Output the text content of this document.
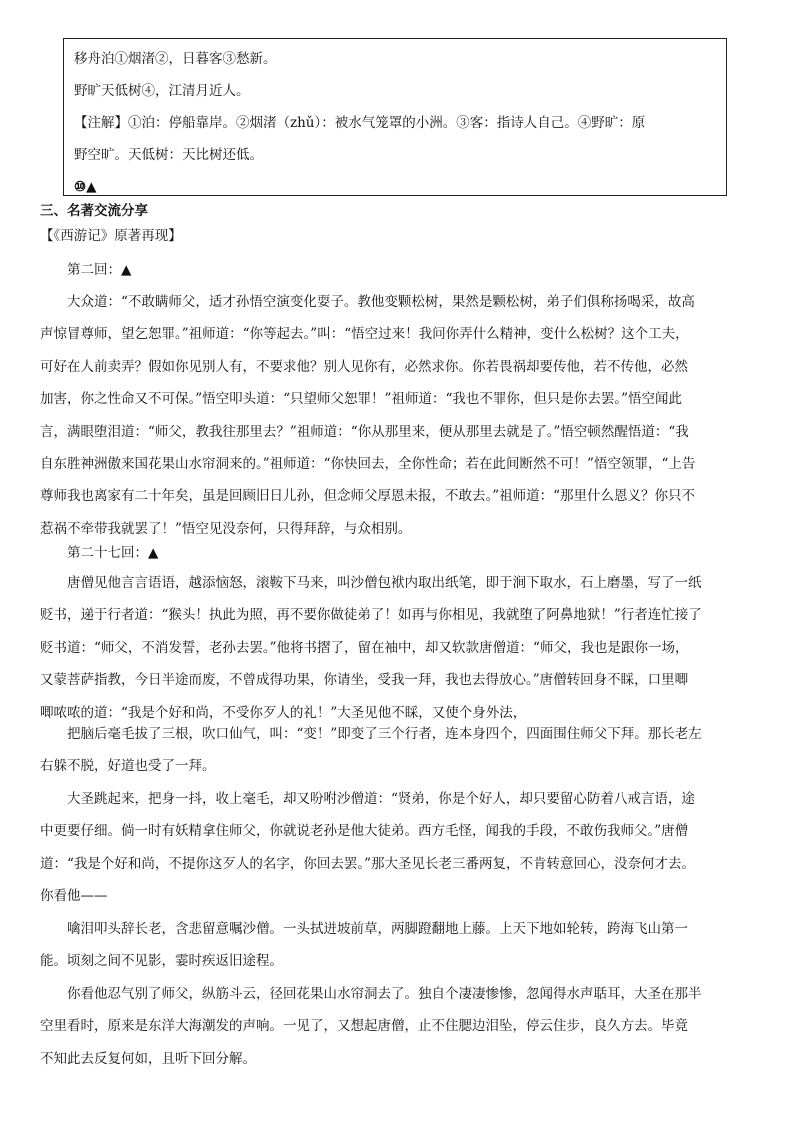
移舟泊①烟渚②，日暮客③愁新。
野旷天低树④，江清月近人。
【注解】①泊：停船靠岸。②烟渚（zhǔ）：被水气笼罩的小洲。③客：指诗人自己。④野旷：原
野空旷。天低树：天比树还低。
⑩▲
三、名著交流分享
【《西游记》原著再现】
第二回：▲
大众道：“不敢瞒师父，适才孙悟空演变化耍子。教他变颗松树，果然是颗松树，弟子们俱称扬喝采，故高
声惊冒尊师，望乞恕罪。”祖师道：“你等起去。”叫：“悟空过来！我问你弄什么精神，变什么松树？这个工夫，
可好在人前卖弄？假如你见别人有，不要求他？别人见你有，必然求你。你若畏祸却要传他，若不传他，必然
加害，你之性命又不可保。”悟空叩头道：“只望师父恕罪！”祖师道：“我也不罪你，但只是你去罢。”悟空闻此
言，满眼堕泪道：“师父，教我往那里去？”祖师道：“你从那里来，便从那里去就是了。”悟空顿然醒悟道：“我
自东胜神洲傲来国花果山水帘洞来的。”祖师道：“你快回去，全你性命；若在此间断然不可！”悟空领罪，“上告
尊师我也离家有二十年矣，虽是回顾旧日儿孙，但念师父厚恩未报，不敢去。”祖师道：“那里什么恩义？你只不
惹祸不牵带我就罢了！”悟空见没奈何，只得拜辞，与众相别。
第二十七回：▲
唐僧见他言言语语，越添恼怒，滚鞍下马来，叫沙僧包袱内取出纸笔，即于涧下取水，石上磨墨，写了一纸
贬书，递于行者道：“猴头！执此为照，再不要你做徒弟了！如再与你相见，我就堕了阿鼻地狱！”行者连忙接了
贬书道：“师父，不消发誓，老孙去罢。”他将书摺了，留在袖中，却又软款唐僧道：“师父，我也是跟你一场，
又蒙菩萨指教，今日半途而废，不曾成得功果，你请坐，受我一拜，我也去得放心。”唐僧转回身不睬，口里唧
唧哝哝的道：“我是个好和尚，不受你歹人的礼！”大圣见他不睬，又使个身外法，
把脑后毫毛拔了三根，吹口仙气，叫：“变！”即变了三个行者，连本身四个，四面围住师父下拜。那长老左
右躲不脱，好道也受了一拜。
大圣跳起来，把身一抖，收上毫毛，却又吩咐沙僧道：“贤弟，你是个好人，却只要留心防着八戒言语，途
中更要仔细。倘一时有妖精拿住师父，你就说老孙是他大徒弟。西方毛怪，闻我的手段，不敢伤我师父。”唐僧
道：“我是个好和尚，不提你这歹人的名字，你回去罢。”那大圣见长老三番两复，不肯转意回心，没奈何才去。
你看他——
噙泪叩头辞长老，含悲留意嘱沙僧。一头拭迸坡前草，两脚蹬翻地上藤。上天下地如轮转，跨海飞山第一
能。顷刻之间不见影，霎时疾返旧途程。
你看他忍气别了师父，纵筋斗云，径回花果山水帘洞去了。独自个凄凄惨惨，忽闻得水声聒耳，大圣在那半
空里看时，原来是东洋大海潮发的声响。一见了，又想起唐僧，止不住腮边泪坠，停云住步，良久方去。毕竟
不知此去反复何如，且听下回分解。
